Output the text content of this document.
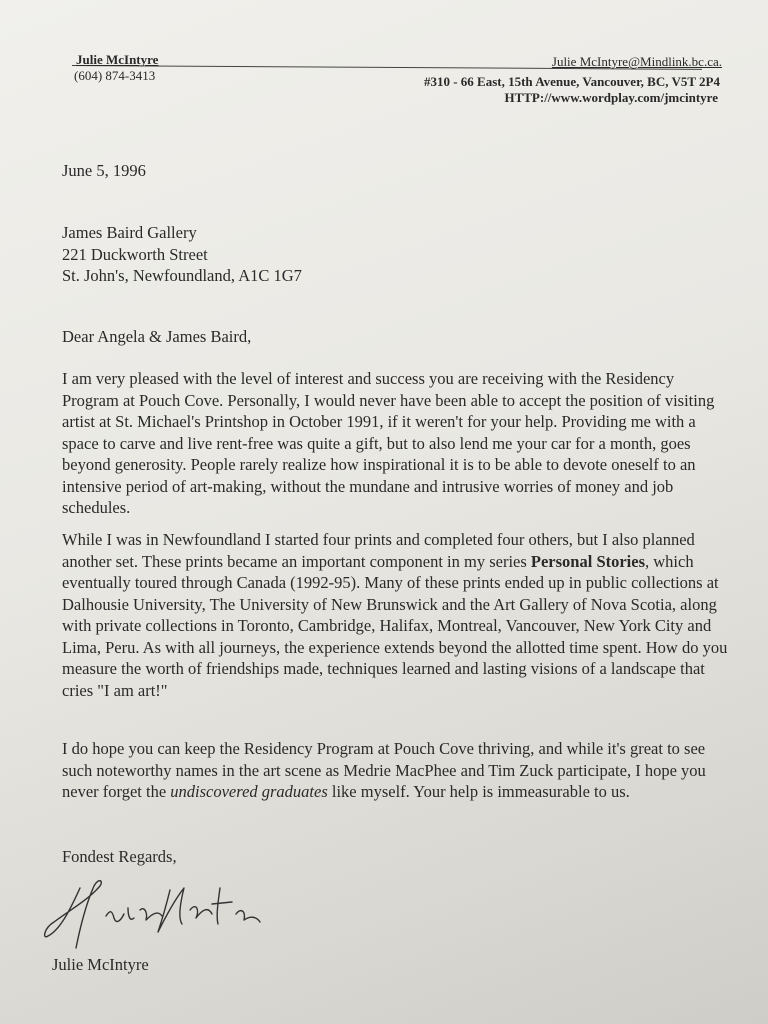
Julie McIntyre
(604) 874-3413
Julie McIntyre@Mindlink.bc.ca.
#310 - 66 East, 15th Avenue, Vancouver, BC, V5T 2P4
HTTP://www.wordplay.com/jmcintyre
June 5, 1996
James Baird Gallery
221 Duckworth Street
St. John's, Newfoundland, A1C 1G7
Dear Angela & James Baird,
I am very pleased with the level of interest and success you are receiving with the Residency Program at Pouch Cove. Personally, I would never have been able to accept the position of visiting artist at St. Michael's Printshop in October 1991, if it weren't for your help. Providing me with a space to carve and live rent-free was quite a gift, but to also lend me your car for a month, goes beyond generosity. People rarely realize how inspirational it is to be able to devote oneself to an intensive period of art-making, without the mundane and intrusive worries of money and job schedules.
While I was in Newfoundland I started four prints and completed four others, but I also planned another set. These prints became an important component in my series Personal Stories, which eventually toured through Canada (1992-95). Many of these prints ended up in public collections at Dalhousie University, The University of New Brunswick and the Art Gallery of Nova Scotia, along with private collections in Toronto, Cambridge, Halifax, Montreal, Vancouver, New York City and Lima, Peru. As with all journeys, the experience extends beyond the allotted time spent. How do you measure the worth of friendships made, techniques learned and lasting visions of a landscape that cries "I am art!"
I do hope you can keep the Residency Program at Pouch Cove thriving, and while it's great to see such noteworthy names in the art scene as Medrie MacPhee and Tim Zuck participate, I hope you never forget the undiscovered graduates like myself. Your help is immeasurable to us.
Fondest Regards,
Julie McIntyre
